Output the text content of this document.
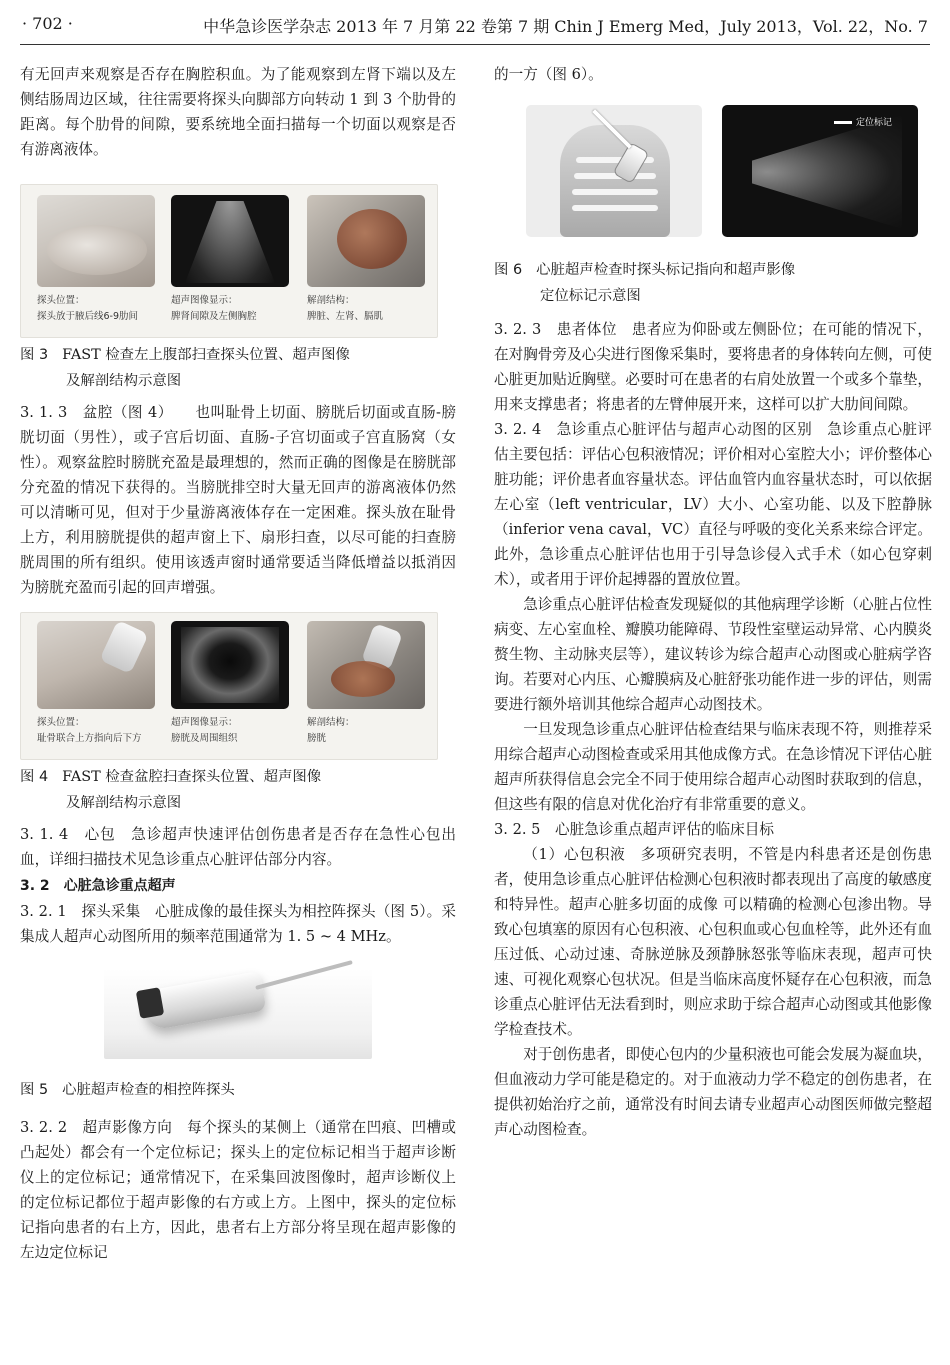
· 702 ·	中华急诊医学杂志 2013 年 7 月第 22 卷第 7 期 Chin J Emerg Med，July 2013，Vol. 22，No. 7

有无回声来观察是否存在胸腔积血。为了能观察到左肾下端以及左侧结肠周边区域，往往需要将探头向脚部方向转动 1 到 3 个肋骨的距离。每个肋骨的间隙，要系统地全面扫描每一个切面以观察是否有游离液体。

探头位置：
探头放于腋后线6-9肋间
超声图像显示：
脾肾间隙及左侧胸腔
解剖结构：
脾脏、左肾、膈肌
图 3 FAST 检查左上腹部扫查探头位置、超声图像
及解剖结构示意图

3. 1. 3　盆腔（图 4）　　 也叫耻骨上切面、膀胱后切面或直肠-膀胱切面（男性），或子宫后切面、直肠-子宫切面或子宫直肠窝（女性）。观察盆腔时膀胱充盈是最理想的，然而正确的图像是在膀胱部分充盈的情况下获得的。当膀胱排空时大量无回声的游离液体仍然可以清晰可见，但对于少量游离液体存在一定困难。探头放在耻骨上方，利用膀胱提供的超声窗上下、扇形扫查，以尽可能的扫查膀胱周围的所有组织。使用该透声窗时通常要适当降低增益以抵消因为膀胱充盈而引起的回声增强。

探头位置：
耻骨联合上方指向后下方
超声图像显示：
膀胱及周围组织
解剖结构：
膀胱
图 4 FAST 检查盆腔扫查探头位置、超声图像
及解剖结构示意图

3. 1. 4　心包　急诊超声快速评估创伤患者是否存在急性心包出血，详细扫描技术见急诊重点心脏评估部分内容。

3. 2　心脏急诊重点超声

3. 2. 1　探头采集　心脏成像的最佳探头为相控阵探头（图 5）。采集成人超声心动图所用的频率范围通常为 1. 5 ~ 4 MHz。

图 5 心脏超声检查的相控阵探头

3. 2. 2　超声影像方向　每个探头的某侧上（通常在凹痕、凹槽或凸起处）都会有一个定位标记；探头上的定位标记相当于超声诊断仪上的定位标记；通常情况下，在采集回波图像时，超声诊断仪上的定位标记都位于超声影像的右方或上方。上图中，探头的定位标记指向患者的右上方，因此，患者右上方部分将呈现在超声影像的左边定位标记

的一方（图 6）。

定位标记
图 6 心脏超声检查时探头标记指向和超声影像
定位标记示意图

3. 2. 3　患者体位　患者应为仰卧或左侧卧位；在可能的情况下，在对胸骨旁及心尖进行图像采集时，要将患者的身体转向左侧，可使心脏更加贴近胸壁。必要时可在患者的右肩处放置一个或多个靠垫，用来支撑患者；将患者的左臂伸展开来，这样可以扩大肋间间隙。

3. 2. 4　急诊重点心脏评估与超声心动图的区别　急诊重点心脏评估主要包括：评估心包积液情况；评价相对心室腔大小；评价整体心脏功能；评价患者血容量状态。评估血管内血容量状态时，可以依据左心室（left ventricular，LV）大小、心室功能、以及下腔静脉（inferior vena caval，VC）直径与呼吸的变化关系来综合评定。此外，急诊重点心脏评估也用于引导急诊侵入式手术（如心包穿刺术），或者用于评价起搏器的置放位置。

急诊重点心脏评估检查发现疑似的其他病理学诊断（心脏占位性病变、左心室血栓、瓣膜功能障碍、节段性室壁运动异常、心内膜炎赘生物、主动脉夹层等），建议转诊为综合超声心动图或心脏病学咨询。若要对心内压、心瓣膜病及心脏舒张功能作进一步的评估，则需要进行额外培训其他综合超声心动图技术。

一旦发现急诊重点心脏评估检查结果与临床表现不符，则推荐采用综合超声心动图检查或采用其他成像方式。在急诊情况下评估心脏超声所获得信息会完全不同于使用综合超声心动图时获取到的信息，但这些有限的信息对优化治疗有非常重要的意义。

3. 2. 5　心脏急诊重点超声评估的临床目标

（1）心包积液　多项研究表明，不管是内科患者还是创伤患者，使用急诊重点心脏评估检测心包积液时都表现出了高度的敏感度和特异性。超声心脏多切面的成像 可以精确的检测心包渗出物。导致心包填塞的原因有心包积液、心包积血或心包血栓等，此外还有血压过低、心动过速、奇脉逆脉及颈静脉怒张等临床表现，超声可快速、可视化观察心包状况。但是当临床高度怀疑存在心包积液，而急诊重点心脏评估无法看到时，则应求助于综合超声心动图或其他影像学检查技术。

对于创伤患者，即使心包内的少量积液也可能会发展为凝血块，但血液动力学可能是稳定的。对于血液动力学不稳定的创伤患者，在提供初始治疗之前，通常没有时间去请专业超声心动图医师做完整超声心动图检查。
